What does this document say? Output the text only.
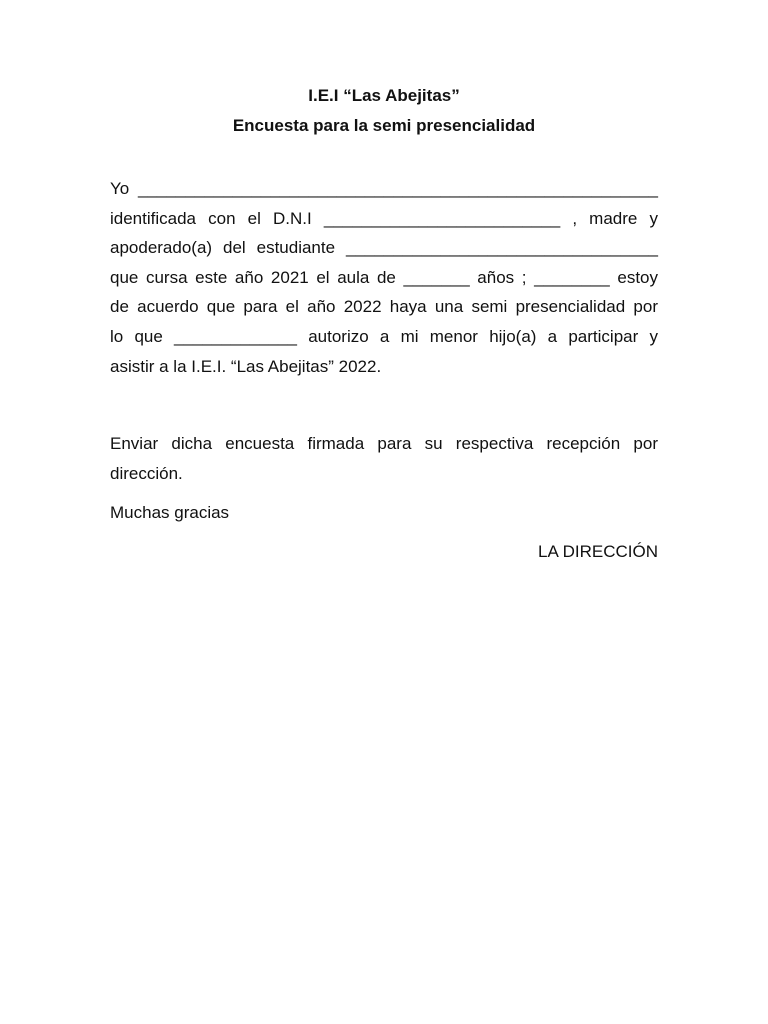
I.E.I “Las Abejitas”
Encuesta para la semi presencialidad
Yo _______________________________________________________
identificada con el D.N.I _________________________ , madre y
apoderado(a) del estudiante _________________________________
que cursa este año 2021 el aula de _______ años ; ________ estoy
de acuerdo que para el año 2022 haya una semi presencialidad por
lo que _____________ autorizo a mi menor hijo(a) a participar y
asistir a la I.E.I. “Las Abejitas” 2022.
Enviar dicha encuesta firmada para su respectiva recepción por
dirección.
Muchas gracias
LA DIRECCIÓN
